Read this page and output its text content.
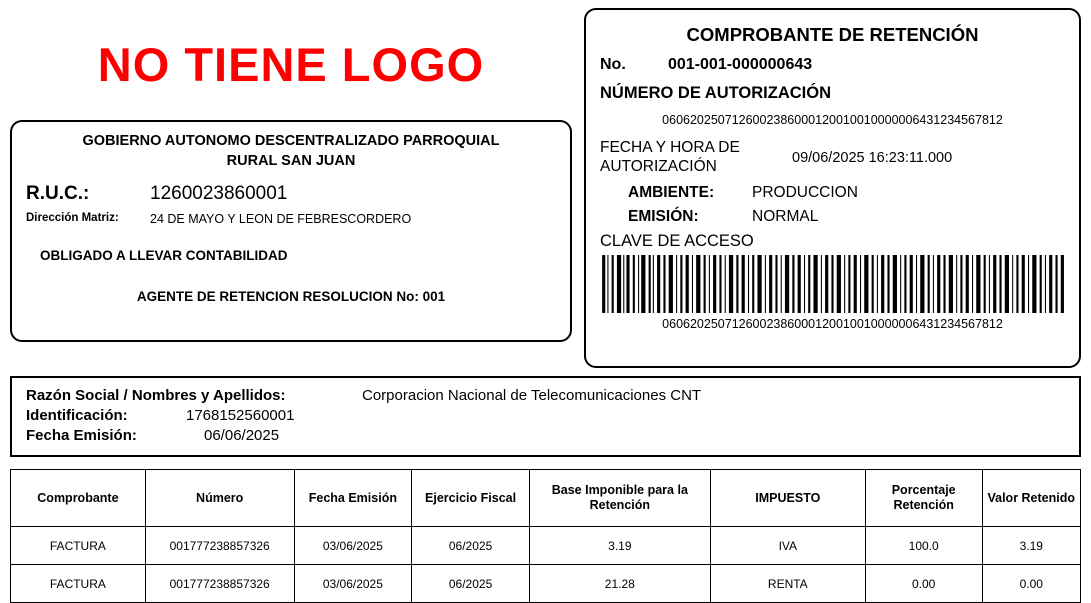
NO TIENE LOGO
GOBIERNO AUTONOMO DESCENTRALIZADO PARROQUIAL
RURAL SAN JUAN
R.U.C.:	1260023860001
Dirección Matriz:	24 DE MAYO Y LEON DE FEBRESCORDERO
OBLIGADO A LLEVAR CONTABILIDAD
AGENTE DE RETENCION RESOLUCION No: 001
COMPROBANTE DE RETENCIÓN
No.	001-001-000000643
NÚMERO DE AUTORIZACIÓN
0606202507126002386000120010010000006431234567812
FECHA Y HORA DE AUTORIZACIÓN	09/06/2025 16:23:11.000
AMBIENTE:	PRODUCCION
EMISIÓN:	NORMAL
CLAVE DE ACCESO
0606202507126002386000120010010000006431234567812
Razón Social / Nombres y Apellidos:	Corporacion Nacional de Telecomunicaciones CNT
Identificación:	1768152560001
Fecha Emisión:	06/06/2025
Comprobante	Número	Fecha Emisión	Ejercicio Fiscal	Base Imponible para la Retención	IMPUESTO	Porcentaje Retención	Valor Retenido
FACTURA	001777238857326	03/06/2025	06/2025	3.19	IVA	100.0	3.19
FACTURA	001777238857326	03/06/2025	06/2025	21.28	RENTA	0.00	0.00
